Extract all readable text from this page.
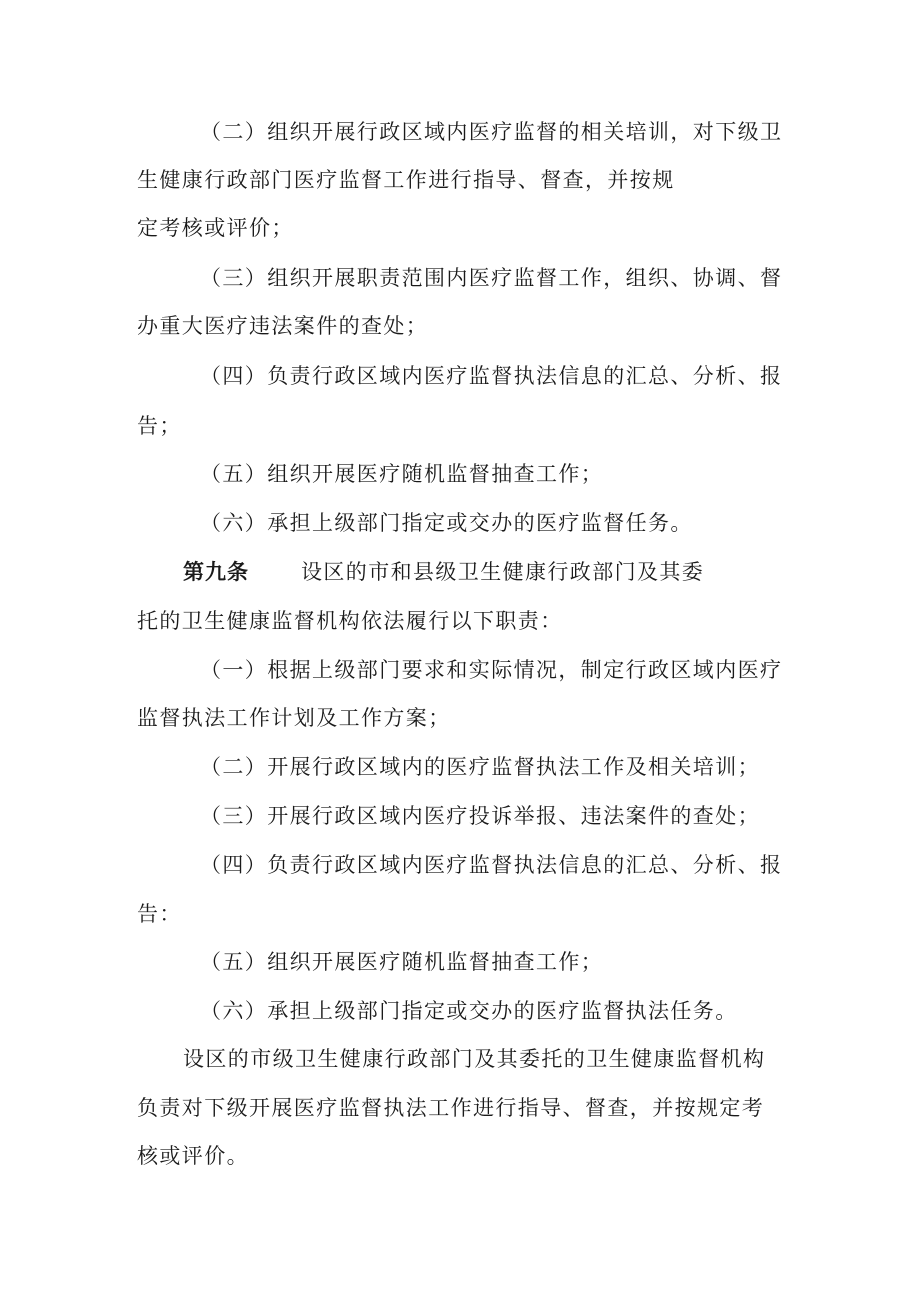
（二）组织开展行政区域内医疗监督的相关培训，对下级卫
生健康行政部门医疗监督工作进行指导、督查，并按规
定考核或评价；
（三）组织开展职责范围内医疗监督工作，组织、协调、督
办重大医疗违法案件的查处；
（四）负责行政区域内医疗监督执法信息的汇总、分析、报
告；
（五）组织开展医疗随机监督抽查工作；
（六）承担上级部门指定或交办的医疗监督任务。
第九条 设区的市和县级卫生健康行政部门及其委
托的卫生健康监督机构依法履行以下职责：
（一）根据上级部门要求和实际情况，制定行政区域内医疗
监督执法工作计划及工作方案；
（二）开展行政区域内的医疗监督执法工作及相关培训；
（三）开展行政区域内医疗投诉举报、违法案件的查处；
（四）负责行政区域内医疗监督执法信息的汇总、分析、报
告：
（五）组织开展医疗随机监督抽查工作；
（六）承担上级部门指定或交办的医疗监督执法任务。
设区的市级卫生健康行政部门及其委托的卫生健康监督机构
负责对下级开展医疗监督执法工作进行指导、督查，并按规定考
核或评价。
